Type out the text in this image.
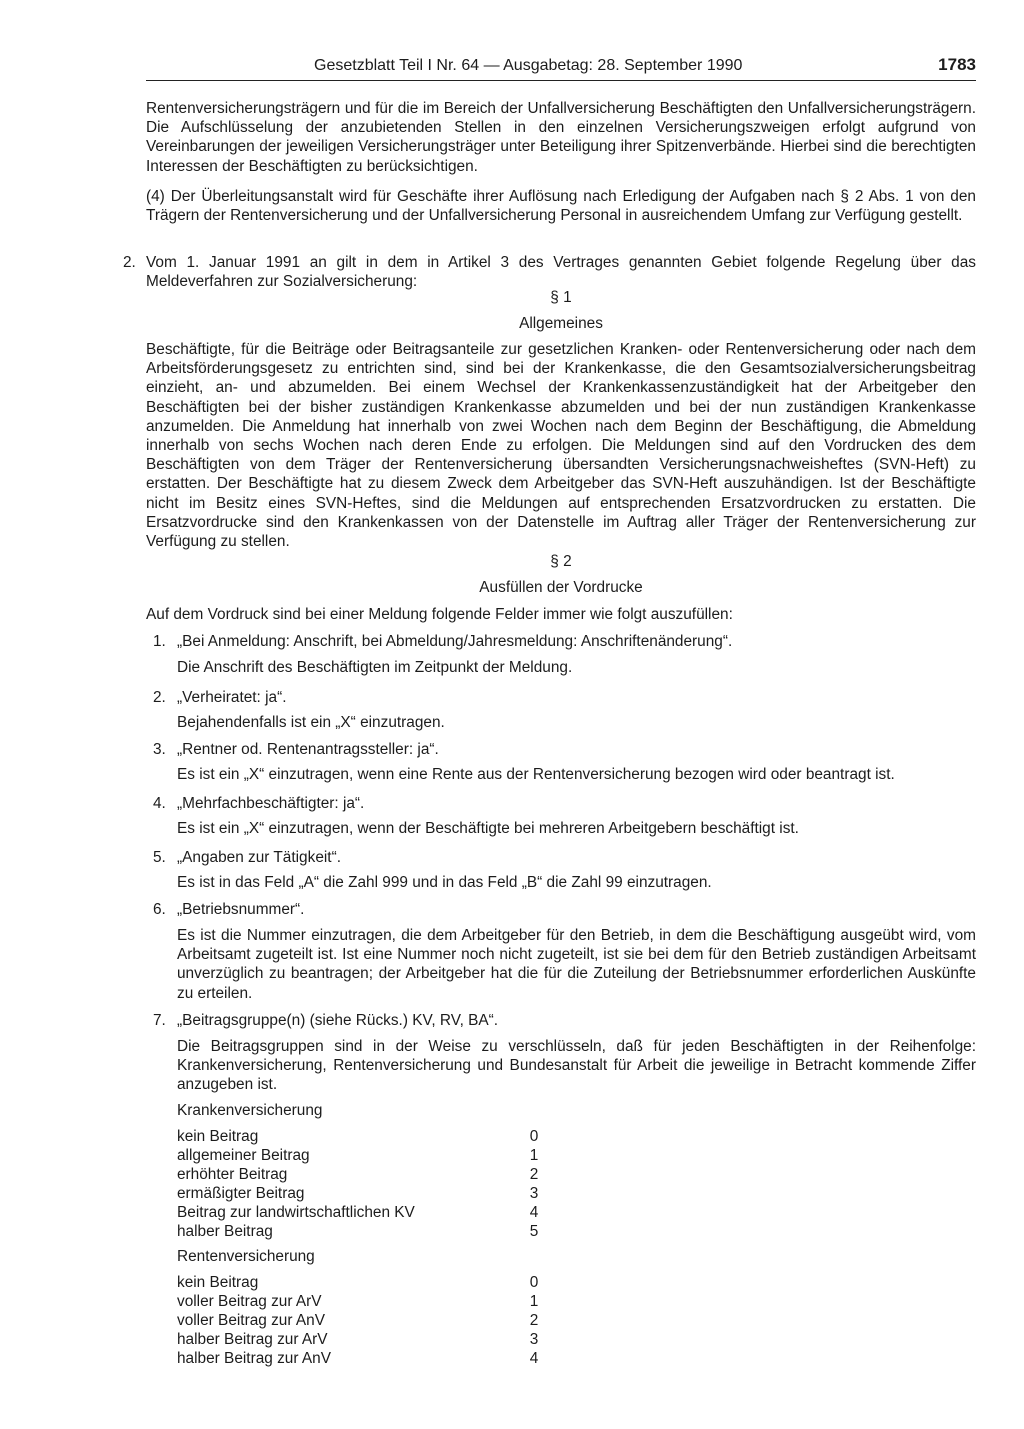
Gesetzblatt Teil I Nr. 64 — Ausgabetag: 28. September 1990	1783

Rentenversicherungsträgern und für die im Bereich der Unfallversicherung Beschäftigten den Unfallversicherungsträgern. Die Aufschlüsselung der anzubietenden Stellen in den einzelnen Versicherungszweigen erfolgt aufgrund von Vereinbarungen der jeweiligen Versicherungsträger unter Beteiligung ihrer Spitzenverbände. Hierbei sind die berechtigten Interessen der Beschäftigten zu berücksichtigen.

(4) Der Überleitungsanstalt wird für Geschäfte ihrer Auflösung nach Erledigung der Aufgaben nach § 2 Abs. 1 von den Trägern der Rentenversicherung und der Unfallversicherung Personal in ausreichendem Umfang zur Verfügung gestellt.

2. Vom 1. Januar 1991 an gilt in dem in Artikel 3 des Vertrages genannten Gebiet folgende Regelung über das Meldeverfahren zur Sozialversicherung:

§ 1
Allgemeines

Beschäftigte, für die Beiträge oder Beitragsanteile zur gesetzlichen Kranken- oder Rentenversicherung oder nach dem Arbeitsförderungsgesetz zu entrichten sind, sind bei der Krankenkasse, die den Gesamtsozialversicherungsbeitrag einzieht, an- und abzumelden. Bei einem Wechsel der Krankenkassenzuständigkeit hat der Arbeitgeber den Beschäftigten bei der bisher zuständigen Krankenkasse abzumelden und bei der nun zuständigen Krankenkasse anzumelden. Die Anmeldung hat innerhalb von zwei Wochen nach dem Beginn der Beschäftigung, die Abmeldung innerhalb von sechs Wochen nach deren Ende zu erfolgen. Die Meldungen sind auf den Vordrucken des dem Beschäftigten von dem Träger der Rentenversicherung übersandten Versicherungsnachweisheftes (SVN-Heft) zu erstatten. Der Beschäftigte hat zu diesem Zweck dem Arbeitgeber das SVN-Heft auszuhändigen. Ist der Beschäftigte nicht im Besitz eines SVN-Heftes, sind die Meldungen auf entsprechenden Ersatzvordrucken zu erstatten. Die Ersatzvordrucke sind den Krankenkassen von der Datenstelle im Auftrag aller Träger der Rentenversicherung zur Verfügung zu stellen.

§ 2
Ausfüllen der Vordrucke

Auf dem Vordruck sind bei einer Meldung folgende Felder immer wie folgt auszufüllen:

1. „Bei Anmeldung: Anschrift, bei Abmeldung/Jahresmeldung: Anschriftenänderung“.

Die Anschrift des Beschäftigten im Zeitpunkt der Meldung.

2. „Verheiratet: ja“.

Bejahendenfalls ist ein „X“ einzutragen.

3. „Rentner od. Rentenantragssteller: ja“.

Es ist ein „X“ einzutragen, wenn eine Rente aus der Rentenversicherung bezogen wird oder beantragt ist.

4. „Mehrfachbeschäftigter: ja“.

Es ist ein „X“ einzutragen, wenn der Beschäftigte bei mehreren Arbeitgebern beschäftigt ist.

5. „Angaben zur Tätigkeit“.

Es ist in das Feld „A“ die Zahl 999 und in das Feld „B“ die Zahl 99 einzutragen.

6. „Betriebsnummer“.

Es ist die Nummer einzutragen, die dem Arbeitgeber für den Betrieb, in dem die Beschäftigung ausgeübt wird, vom Arbeitsamt zugeteilt ist. Ist eine Nummer noch nicht zugeteilt, ist sie bei dem für den Betrieb zuständigen Arbeitsamt unverzüglich zu beantragen; der Arbeitgeber hat die für die Zuteilung der Betriebsnummer erforderlichen Auskünfte zu erteilen.

7. „Beitragsgruppe(n) (siehe Rücks.) KV, RV, BA“.

Die Beitragsgruppen sind in der Weise zu verschlüsseln, daß für jeden Beschäftigten in der Reihenfolge: Krankenversicherung, Rentenversicherung und Bundesanstalt für Arbeit die jeweilige in Betracht kommende Ziffer anzugeben ist.

Krankenversicherung
kein Beitrag	0
allgemeiner Beitrag	1
erhöhter Beitrag	2
ermäßigter Beitrag	3
Beitrag zur landwirtschaftlichen KV	4
halber Beitrag	5
Rentenversicherung
kein Beitrag	0
voller Beitrag zur ArV	1
voller Beitrag zur AnV	2
halber Beitrag zur ArV	3
halber Beitrag zur AnV	4
